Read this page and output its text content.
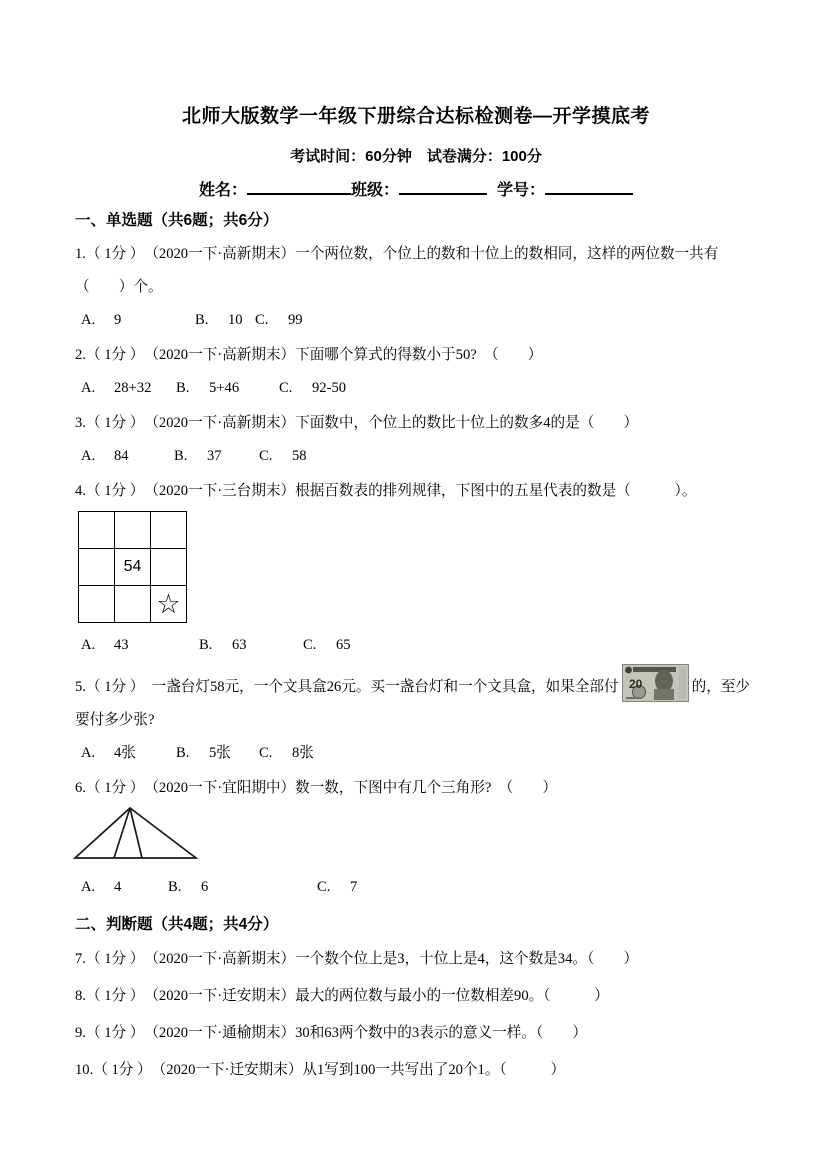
北师大版数学一年级下册综合达标检测卷—开学摸底考
考试时间：60分钟　试卷满分：100分
姓名：	班级：	学号：
一、单选题（共6题；共6分）
1.（ 1分 ）　（2020一下·高新期末）一个两位数，个位上的数和十位上的数相同，这样的两位数一共有（　　）个。
A. 9	B. 10 C. 99
2.（ 1分 ）　（2020一下·高新期末）下面哪个算式的得数小于50?　（　　）
A. 28+32 B. 5+46	C. 92-50
3.（ 1分 ）　（2020一下·高新期末）下面数中，个位上的数比十位上的数多4的是（　　）
A. 84	B. 37	C. 58
4.（ 1分 ）　（2020一下·三台期末）根据百数表的排列规律，下图中的五星代表的数是（　　　）。

	54	
		☆
A. 43	B. 63	C. 65
5.（ 1分 ）　一盏台灯58元，一个文具盒26元。买一盏台灯和一个文具盒，如果全部付 20	的，至少要付多少张?
A. 4张	B. 5张 C. 8张
6.（ 1分 ）　（2020一下·宜阳期中）数一数，下图中有几个三角形?　（　　）
A. 4	B. 6	C. 7
二、判断题（共4题；共4分）
7.（ 1分 ）　（2020一下·高新期末）一个数个位上是3，十位上是4，这个数是34。（　　）
8.（ 1分 ）　（2020一下·迁安期末）最大的两位数与最小的一位数相差90。（　　　）
9.（ 1分 ）　（2020一下·通榆期末）30和63两个数中的3表示的意义一样。（　　）
10.（ 1分 ）　（2020一下·迁安期末）从1写到100一共写出了20个1。（　　　）
